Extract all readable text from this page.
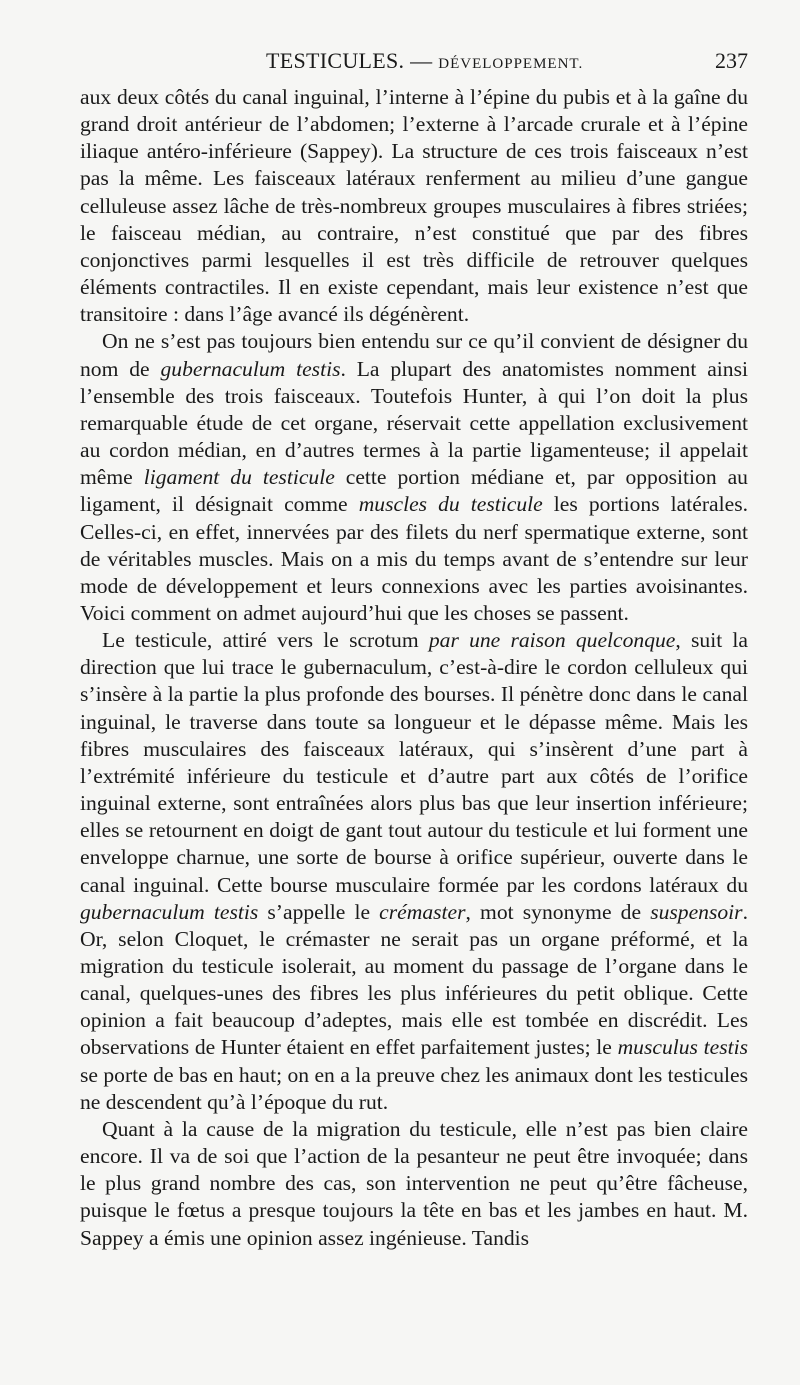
TESTICULES. — DÉVELOPPEMENT.	237

aux deux côtés du canal inguinal, l’interne à l’épine du pubis et à la gaîne du grand droit antérieur de l’abdomen; l’externe à l’arcade crurale et à l’épine iliaque antéro-inférieure (Sappey). La structure de ces trois faisceaux n’est pas la même. Les faisceaux latéraux renferment au milieu d’une gangue celluleuse assez lâche de très-nombreux groupes musculaires à fibres striées; le faisceau médian, au contraire, n’est constitué que par des fibres conjonctives parmi lesquelles il est très difficile de retrouver quelques éléments contractiles. Il en existe cependant, mais leur existence n’est que transitoire : dans l’âge avancé ils dégénèrent.

On ne s’est pas toujours bien entendu sur ce qu’il convient de désigner du nom de gubernaculum testis. La plupart des anatomistes nomment ainsi l’ensemble des trois faisceaux. Toutefois Hunter, à qui l’on doit la plus remarquable étude de cet organe, réservait cette appellation exclusivement au cordon médian, en d’autres termes à la partie ligamenteuse; il appelait même ligament du testicule cette portion médiane et, par opposition au ligament, il désignait comme muscles du testicule les portions latérales. Celles-ci, en effet, innervées par des filets du nerf spermatique externe, sont de véritables muscles. Mais on a mis du temps avant de s’entendre sur leur mode de développement et leurs connexions avec les parties avoisinantes. Voici comment on admet aujourd’hui que les choses se passent.

Le testicule, attiré vers le scrotum par une raison quelconque, suit la direction que lui trace le gubernaculum, c’est-à-dire le cordon celluleux qui s’insère à la partie la plus profonde des bourses. Il pénètre donc dans le canal inguinal, le traverse dans toute sa longueur et le dépasse même. Mais les fibres musculaires des faisceaux latéraux, qui s’insèrent d’une part à l’extrémité inférieure du testicule et d’autre part aux côtés de l’orifice inguinal externe, sont entraînées alors plus bas que leur insertion inférieure; elles se retournent en doigt de gant tout autour du testicule et lui forment une enveloppe charnue, une sorte de bourse à orifice supérieur, ouverte dans le canal inguinal. Cette bourse musculaire formée par les cordons latéraux du gubernaculum testis s’appelle le crémaster, mot synonyme de suspensoir. Or, selon Cloquet, le crémaster ne serait pas un organe préformé, et la migration du testicule isolerait, au moment du passage de l’organe dans le canal, quelques-unes des fibres les plus inférieures du petit oblique. Cette opinion a fait beaucoup d’adeptes, mais elle est tombée en discrédit. Les observations de Hunter étaient en effet parfaitement justes; le musculus testis se porte de bas en haut; on en a la preuve chez les animaux dont les testicules ne descendent qu’à l’époque du rut.

Quant à la cause de la migration du testicule, elle n’est pas bien claire encore. Il va de soi que l’action de la pesanteur ne peut être invoquée; dans le plus grand nombre des cas, son intervention ne peut qu’être fâcheuse, puisque le fœtus a presque toujours la tête en bas et les jambes en haut. M. Sappey a émis une opinion assez ingénieuse. Tandis
